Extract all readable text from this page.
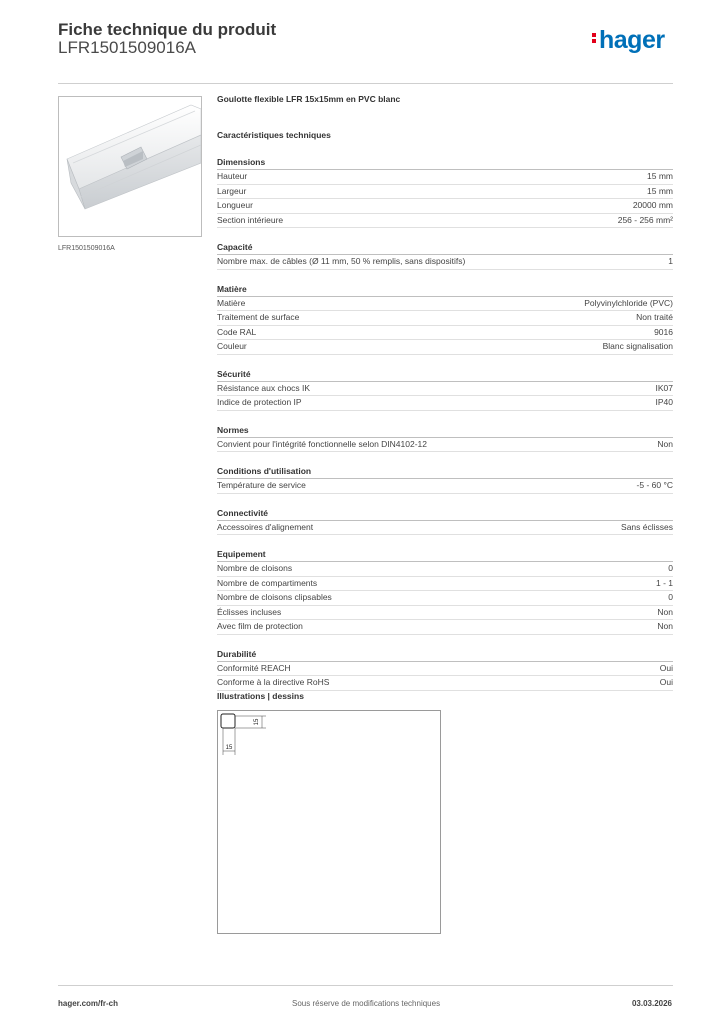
Fiche technique du produit
LFR1501509016A	hager
LFR1501509016A
Goulotte flexible LFR 15x15mm en PVC blanc
Caractéristiques techniques
Dimensions
Hauteur	15 mm
Largeur	15 mm
Longueur	20000 mm
Section intérieure	256 - 256 mm²
Capacité
Nombre max. de câbles (Ø 11 mm, 50 % remplis, sans dispositifs)	1
Matière
Matière	Polyvinylchloride (PVC)
Traitement de surface	Non traité
Code RAL	9016
Couleur	Blanc signalisation
Sécurité
Résistance aux chocs IK	IK07
Indice de protection IP	IP40
Normes
Convient pour l'intégrité fonctionnelle selon DIN4102-12	Non
Conditions d'utilisation
Température de service	-5 - 60 °C
Connectivité
Accessoires d'alignement	Sans éclisses
Equipement
Nombre de cloisons	0
Nombre de compartiments	1 - 1
Nombre de cloisons clipsables	0
Éclisses incluses	Non
Avec film de protection	Non
Durabilité
Conformité REACH	Oui
Conforme à la directive RoHS	Oui
Illustrations | dessins
15
15
hager.com/fr-ch	Sous réserve de modifications techniques	03.03.2026
